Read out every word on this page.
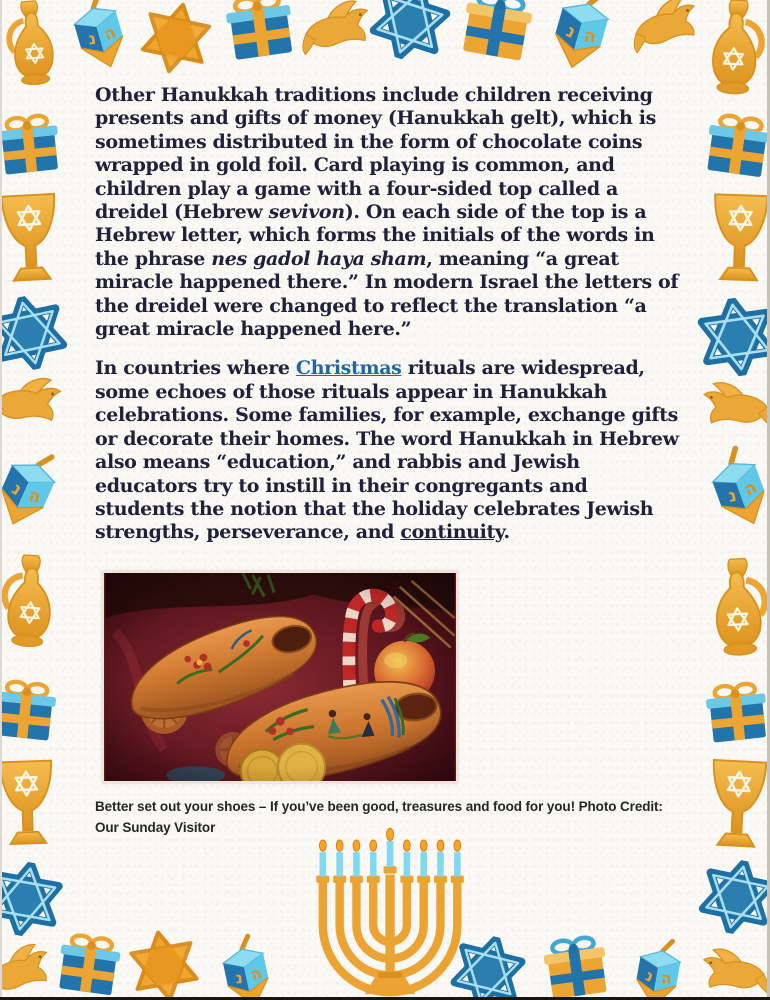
Other Hanukkah traditions include children receiving presents and gifts of money (Hanukkah gelt), which is sometimes distributed in the form of chocolate coins wrapped in gold foil. Card playing is common, and children play a game with a four-sided top called a dreidel (Hebrew sevivon). On each side of the top is a Hebrew letter, which forms the initials of the words in the phrase nes gadol haya sham, meaning “a great miracle happened there.” In modern Israel the letters of the dreidel were changed to reflect the translation “a great miracle happened here.”

In countries where Christmas rituals are widespread, some echoes of those rituals appear in Hanukkah celebrations. Some families, for example, exchange gifts or decorate their homes. The word Hanukkah in Hebrew also means “education,” and rabbis and Jewish educators try to instill in their congregants and students the notion that the holiday celebrates Jewish strengths, perseverance, and continuity.

Better set out your shoes – If you’ve been good, treasures and food for you! Photo Credit: Our Sunday Visitor
